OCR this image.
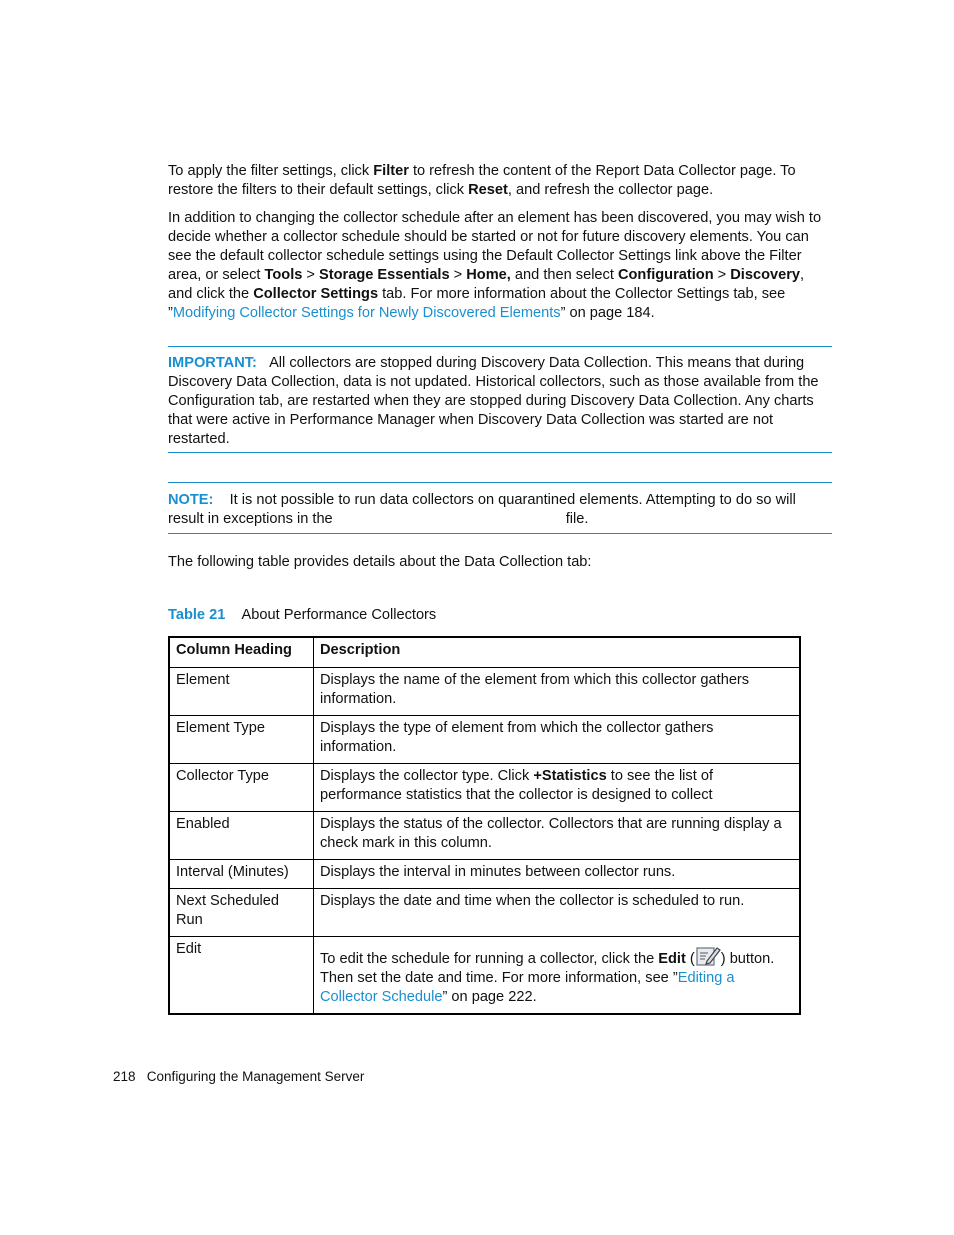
To apply the filter settings, click Filter to refresh the content of the Report Data Collector page. To restore the filters to their default settings, click Reset, and refresh the collector page.

In addition to changing the collector schedule after an element has been discovered, you may wish to decide whether a collector schedule should be started or not for future discovery elements. You can see the default collector schedule settings using the Default Collector Settings link above the Filter area, or select Tools > Storage Essentials > Home, and then select Configuration > Discovery, and click the Collector Settings tab. For more information about the Collector Settings tab, see ”Modifying Collector Settings for Newly Discovered Elements” on page 184.

IMPORTANT: All collectors are stopped during Discovery Data Collection. This means that during Discovery Data Collection, data is not updated. Historical collectors, such as those available from the Configuration tab, are restarted when they are stopped during Discovery Data Collection. Any charts that were active in Performance Manager when Discovery Data Collection was started are not restarted.

NOTE: It is not possible to run data collectors on quarantined elements. Attempting to do so will result in exceptions in the	file.

The following table provides details about the Data Collection tab:

Table 21 About Performance Collectors
Column Heading	Description
Element	Displays the name of the element from which this collector gathers information.
Element Type	Displays the type of element from which the collector gathers information.
Collector Type	Displays the collector type. Click +Statistics to see the list of performance statistics that the collector is designed to collect
Enabled	Displays the status of the collector. Collectors that are running display a check mark in this column.
Interval (Minutes)	Displays the interval in minutes between collector runs.
Next Scheduled Run	Displays the date and time when the collector is scheduled to run.
Edit	To edit the schedule for running a collector, click the Edit ( ) button. Then set the date and time. For more information, see ”Editing a Collector Schedule” on page 222.
218 Configuring the Management Server
